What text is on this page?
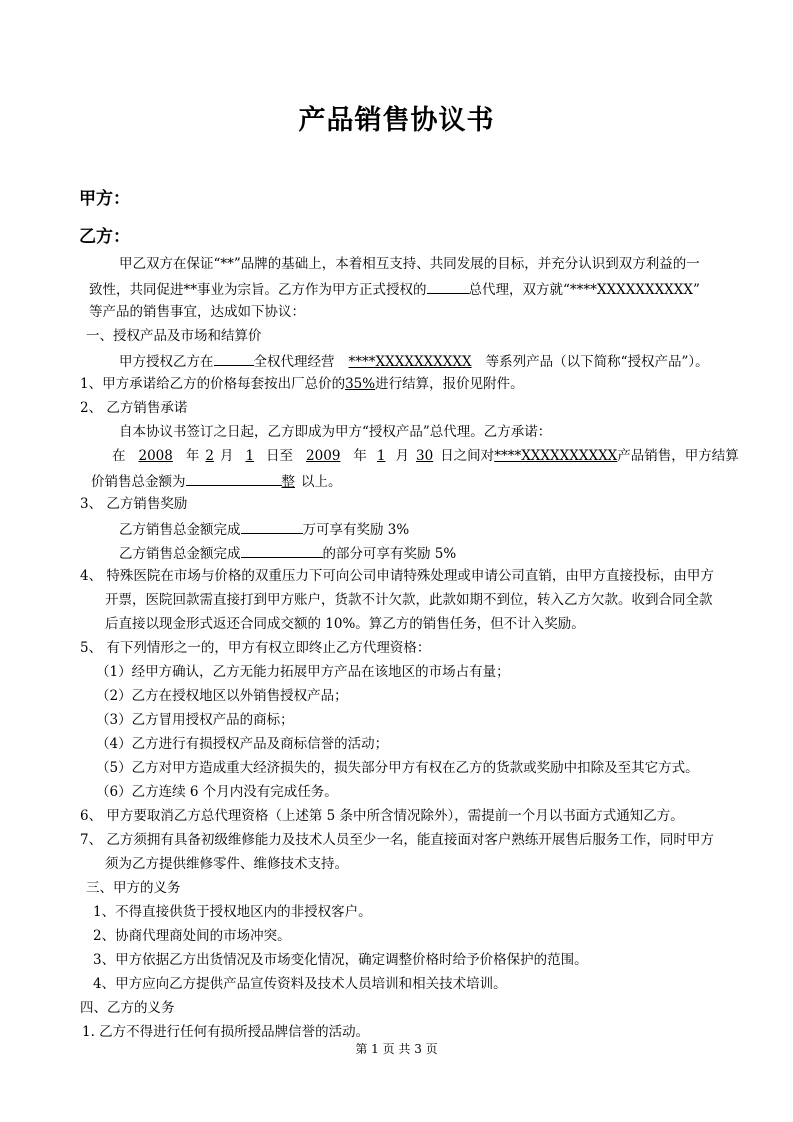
产品销售协议书
甲方：
乙方：
甲乙双方在保证“**”品牌的基础上，本着相互支持、共同发展的目标，并充分认识到双方利益的一
致性，共同促进**事业为宗旨。乙方作为甲方正式授权的	总代理，双方就“****XXXXXXXXXX”
等产品的销售事宜，达成如下协议：
一、授权产品及市场和结算价
甲方授权乙方在	全权代理经营 ****XXXXXXXXXX 等系列产品（以下简称“授权产品”）。
1、甲方承诺给乙方的价格每套按出厂总价的35%进行结算，报价见附件。
2、 乙方销售承诺
自本协议书签订之日起，乙方即成为甲方“授权产品”总代理。乙方承诺：
在 2008 年 2 月 1 日至 2009 年 1 月 30 日之间对****XXXXXXXXXX产品销售，甲方结算
价销售总金额为	整 以上。
3、 乙方销售奖励
乙方销售总金额完成	万可享有奖励 3%
乙方销售总金额完成	的部分可享有奖励 5%
4、 特殊医院在市场与价格的双重压力下可向公司申请特殊处理或申请公司直销，由甲方直接投标，由甲方
开票，医院回款需直接打到甲方账户，货款不计欠款，此款如期不到位，转入乙方欠款。收到合同全款
后直接以现金形式返还合同成交额的 10%。算乙方的销售任务，但不计入奖励。
5、 有下列情形之一的，甲方有权立即终止乙方代理资格：
（1）经甲方确认，乙方无能力拓展甲方产品在该地区的市场占有量；
（2）乙方在授权地区以外销售授权产品；
（3）乙方冒用授权产品的商标；
（4）乙方进行有损授权产品及商标信誉的活动；
（5）乙方对甲方造成重大经济损失的，损失部分甲方有权在乙方的货款或奖励中扣除及至其它方式。
（6）乙方连续 6 个月内没有完成任务。
6、 甲方要取消乙方总代理资格（上述第 5 条中所含情况除外），需提前一个月以书面方式通知乙方。
7、 乙方须拥有具备初级维修能力及技术人员至少一名，能直接面对客户熟练开展售后服务工作，同时甲方
须为乙方提供维修零件、维修技术支持。
三、甲方的义务
1、不得直接供货于授权地区内的非授权客户。
2、协商代理商处间的市场冲突。
3、甲方依据乙方出货情况及市场变化情况，确定调整价格时给予价格保护的范围。
4、甲方应向乙方提供产品宣传资料及技术人员培训和相关技术培训。
四、乙方的义务
1. 乙方不得进行任何有损所授品牌信誉的活动。
第 1 页 共 3 页
